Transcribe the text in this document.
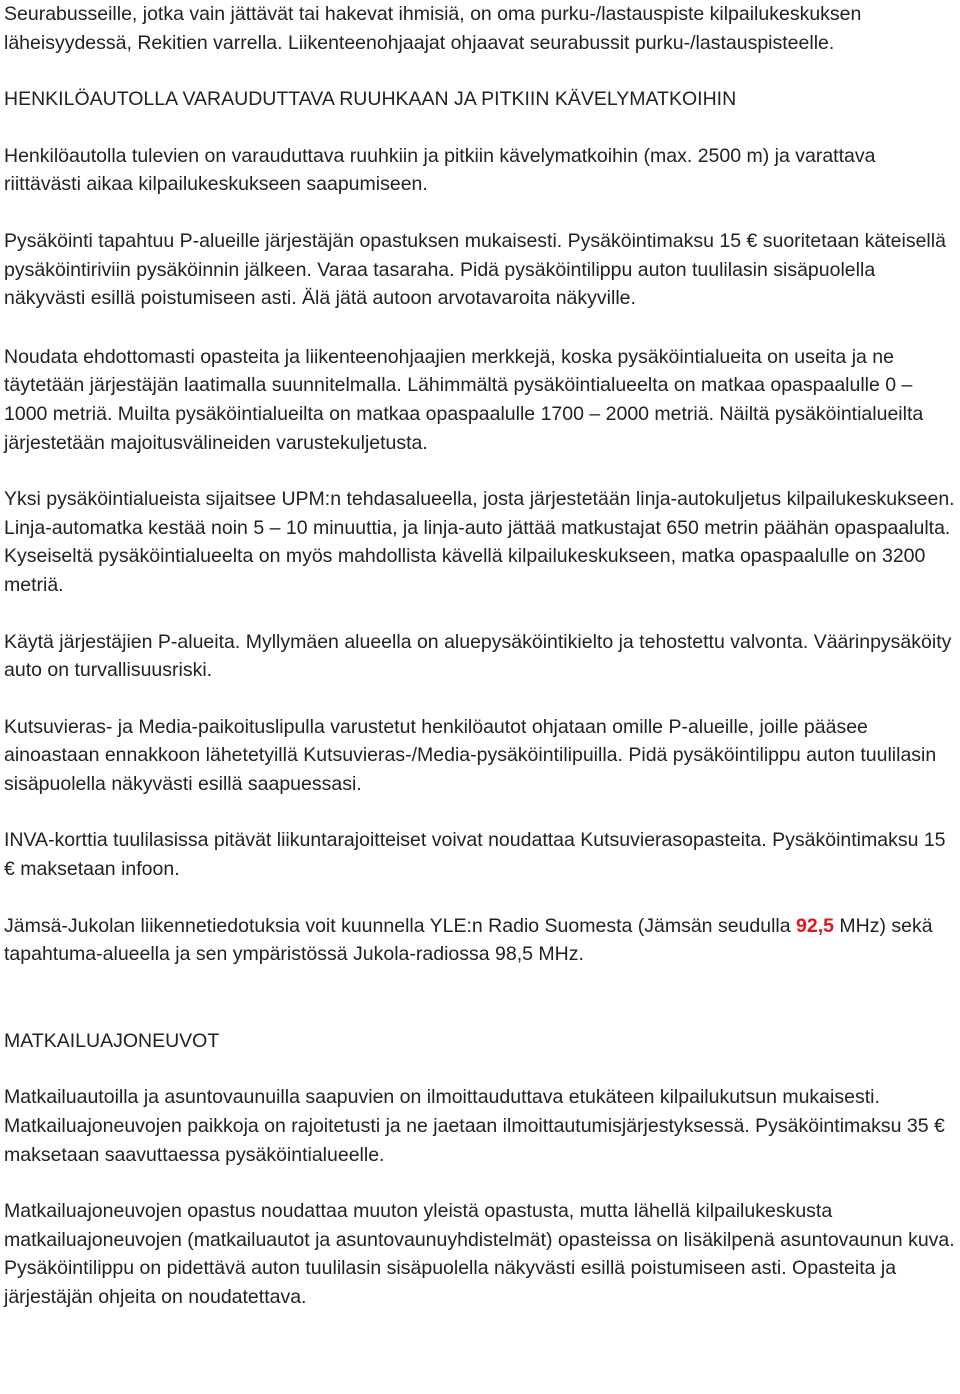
Seurabusseille, jotka vain jättävät tai hakevat ihmisiä, on oma purku-/lastauspiste kilpailukeskuksen läheisyydessä, Rekitien varrella. Liikenteenohjaajat ohjaavat seurabussit purku-/lastauspisteelle.

HENKILÖAUTOLLA VARAUDUTTAVA RUUHKAAN JA PITKIIN KÄVELYMATKOIHIN

Henkilöautolla tulevien on varauduttava ruuhkiin ja pitkiin kävelymatkoihin (max. 2500 m) ja varattava riittävästi aikaa kilpailukeskukseen saapumiseen.

Pysäköinti tapahtuu P-alueille järjestäjän opastuksen mukaisesti. Pysäköintimaksu 15 € suoritetaan käteisellä pysäköintiriviin pysäköinnin jälkeen. Varaa tasaraha. Pidä pysäköintilippu auton tuulilasin sisäpuolella näkyvästi esillä poistumiseen asti. Älä jätä autoon arvotavaroita näkyville.

Noudata ehdottomasti opasteita ja liikenteenohjaajien merkkejä, koska pysäköintialueita on useita ja ne täytetään järjestäjän laatimalla suunnitelmalla. Lähimmältä pysäköintialueelta on matkaa opaspaalulle 0 – 1000 metriä. Muilta pysäköintialueilta on matkaa opaspaalulle 1700 – 2000 metriä. Näiltä pysäköintialueilta järjestetään majoitusvälineiden varustekuljetusta.

Yksi pysäköintialueista sijaitsee UPM:n tehdasalueella, josta järjestetään linja-autokuljetus kilpailukeskukseen. Linja-automatka kestää noin 5 – 10 minuuttia, ja linja-auto jättää matkustajat 650 metrin päähän opaspaalulta. Kyseiseltä pysäköintialueelta on myös mahdollista kävellä kilpailukeskukseen, matka opaspaalulle on 3200 metriä.

Käytä järjestäjien P-alueita. Myllymäen alueella on aluepysäköintikielto ja tehostettu valvonta. Väärinpysäköity auto on turvallisuusriski.

Kutsuvieras- ja Media-paikoituslipulla varustetut henkilöautot ohjataan omille P-alueille, joille pääsee ainoastaan ennakkoon lähetetyillä Kutsuvieras-/Media-pysäköintilipuilla. Pidä pysäköintilippu auton tuulilasin sisäpuolella näkyvästi esillä saapuessasi.

INVA-korttia tuulilasissa pitävät liikuntarajoitteiset voivat noudattaa Kutsuvierasopasteita. Pysäköintimaksu 15 € maksetaan infoon.

Jämsä-Jukolan liikennetiedotuksia voit kuunnella YLE:n Radio Suomesta (Jämsän seudulla 92,5 MHz) sekä tapahtuma-alueella ja sen ympäristössä Jukola-radiossa 98,5 MHz.

MATKAILUAJONEUVOT

Matkailuautoilla ja asuntovaunuilla saapuvien on ilmoittauduttava etukäteen kilpailukutsun mukaisesti. Matkailuajoneuvojen paikkoja on rajoitetusti ja ne jaetaan ilmoittautumisjärjestyksessä. Pysäköintimaksu 35 € maksetaan saavuttaessa pysäköintialueelle.

Matkailuajoneuvojen opastus noudattaa muuton yleistä opastusta, mutta lähellä kilpailukeskusta matkailuajoneuvojen (matkailuautot ja asuntovaunuyhdistelmät) opasteissa on lisäkilpenä asuntovaunun kuva. Pysäköintilippu on pidettävä auton tuulilasin sisäpuolella näkyvästi esillä poistumiseen asti. Opasteita ja järjestäjän ohjeita on noudatettava.
